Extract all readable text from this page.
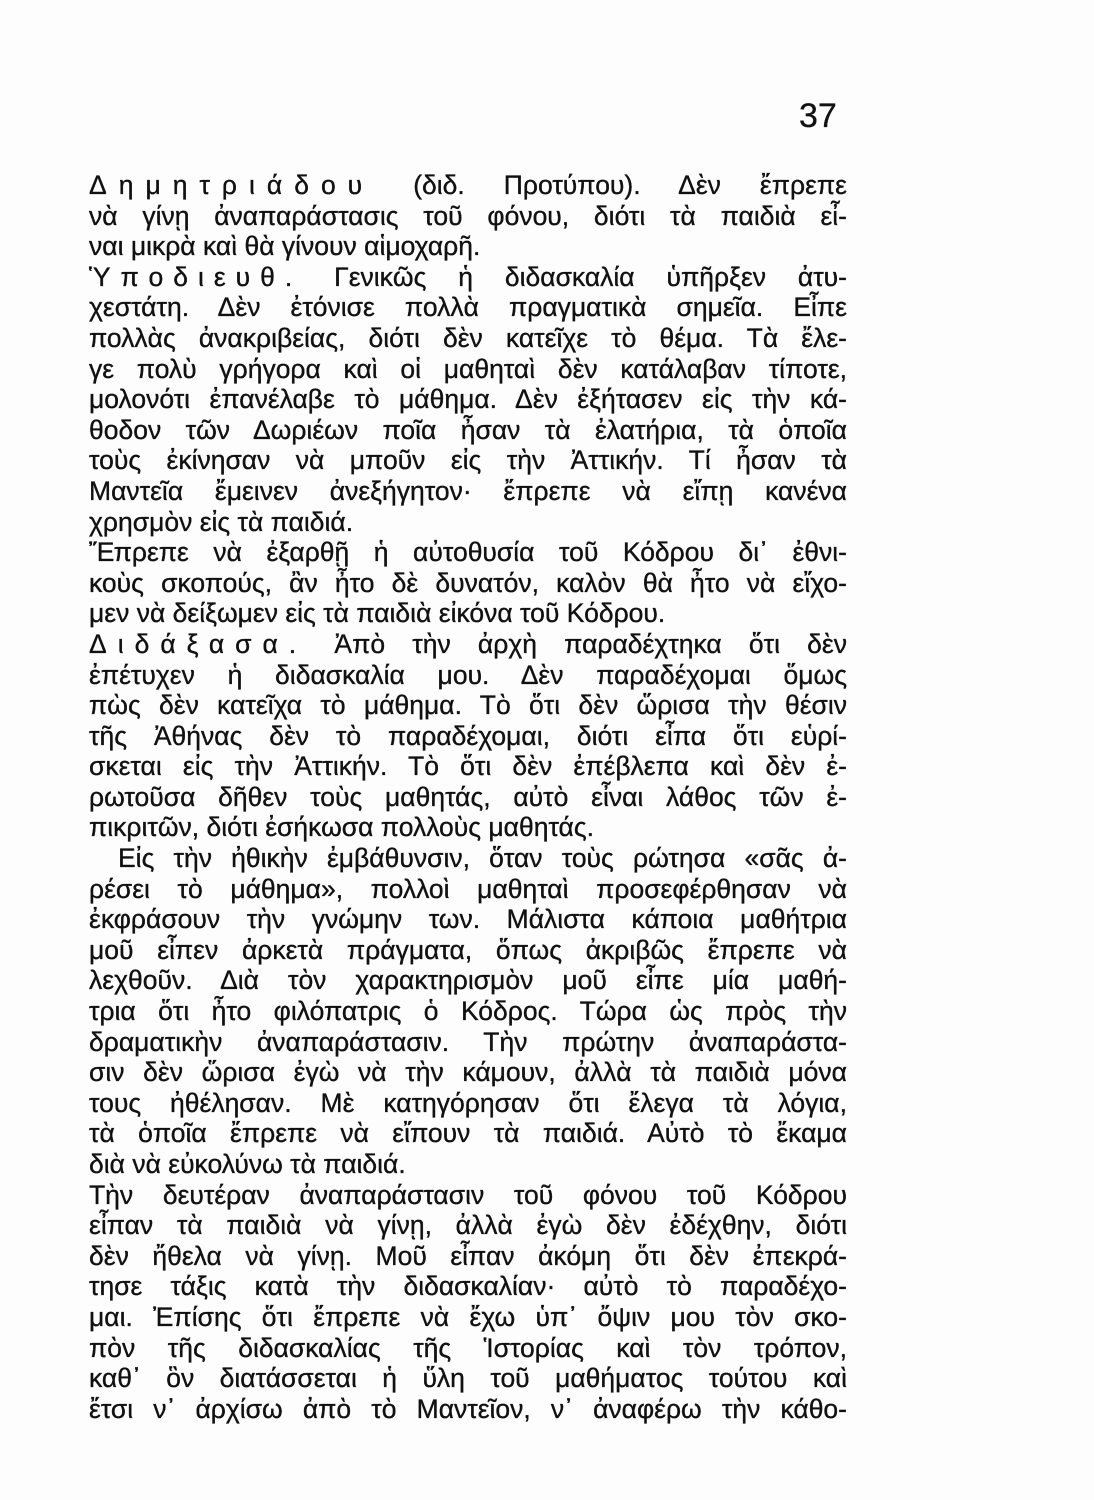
37
Δημητριάδου (διδ. Προτύπου). Δὲν ἔπρεπε
νὰ γίνῃ ἀναπαράστασις τοῦ φόνου, διότι τὰ παιδιὰ εἶ-
ναι μικρὰ καὶ θὰ γίνουν αἱμοχαρῆ.
Ὑποδιευθ. Γενικῶς ἡ διδασκαλία ὑπῆρξεν ἀτυ-
χεστάτη. Δὲν ἐτόνισε πολλὰ πραγματικὰ σημεῖα. Εἶπε
πολλὰς ἀνακριβείας, διότι δὲν κατεῖχε τὸ θέμα. Τὰ ἔλε-
γε πολὺ γρήγορα καὶ οἱ μαθηταὶ δὲν κατάλαβαν τίποτε,
μολονότι ἐπανέλαβε τὸ μάθημα. Δὲν ἐξήτασεν εἰς τὴν κά-
θοδον τῶν Δωριέων ποῖα ἦσαν τὰ ἐλατήρια, τὰ ὁποῖα
τοὺς ἐκίνησαν νὰ μποῦν εἰς τὴν Ἀττικήν. Τί ἦσαν τὰ
Μαντεῖα ἔμεινεν ἀνεξήγητον· ἔπρεπε νὰ εἴπῃ κανένα
χρησμὸν εἰς τὰ παιδιά.
Ἔπρεπε νὰ ἐξαρθῇ ἡ αὐτοθυσία τοῦ Κόδρου δι᾽ ἐθνι-
κοὺς σκοπούς, ἂν ἦτο δὲ δυνατόν, καλὸν θὰ ἦτο νὰ εἴχο-
μεν νὰ δείξωμεν εἰς τὰ παιδιὰ εἰκόνα τοῦ Κόδρου.
Διδάξασα. Ἀπὸ τὴν ἀρχὴ παραδέχτηκα ὅτι δὲν
ἐπέτυχεν ἡ διδασκαλία μου. Δὲν παραδέχομαι ὅμως
πὼς δὲν κατεῖχα τὸ μάθημα. Τὸ ὅτι δὲν ὥρισα τὴν θέσιν
τῆς Ἀθήνας δὲν τὸ παραδέχομαι, διότι εἶπα ὅτι εὑρί-
σκεται εἰς τὴν Ἀττικήν. Τὸ ὅτι δὲν ἐπέβλεπα καὶ δὲν ἐ-
ρωτοῦσα δῆθεν τοὺς μαθητάς, αὐτὸ εἶναι λάθος τῶν ἐ-
πικριτῶν, διότι ἐσήκωσα πολλοὺς μαθητάς.
Εἰς τὴν ἠθικὴν ἐμβάθυνσιν, ὅταν τοὺς ρώτησα «σᾶς ἀ-
ρέσει τὸ μάθημα», πολλοὶ μαθηταὶ προσεφέρθησαν νὰ
ἐκφράσουν τὴν γνώμην των. Μάλιστα κάποια μαθήτρια
μοῦ εἶπεν ἀρκετὰ πράγματα, ὅπως ἀκριβῶς ἔπρεπε νὰ
λεχθοῦν. Διὰ τὸν χαρακτηρισμὸν μοῦ εἶπε μία μαθή-
τρια ὅτι ἦτο φιλόπατρις ὁ Κόδρος. Τώρα ὡς πρὸς τὴν
δραματικὴν ἀναπαράστασιν. Τὴν πρώτην ἀναπαράστα-
σιν δὲν ὥρισα ἐγὼ νὰ τὴν κάμουν, ἀλλὰ τὰ παιδιὰ μόνα
τους ἠθέλησαν. Μὲ κατηγόρησαν ὅτι ἔλεγα τὰ λόγια,
τὰ ὁποῖα ἔπρεπε νὰ εἴπουν τὰ παιδιά. Αὐτὸ τὸ ἔκαμα
διὰ νὰ εὐκολύνω τὰ παιδιά.
Τὴν δευτέραν ἀναπαράστασιν τοῦ φόνου τοῦ Κόδρου
εἶπαν τὰ παιδιὰ νὰ γίνῃ, ἀλλὰ ἐγὼ δὲν ἐδέχθην, διότι
δὲν ἤθελα νὰ γίνῃ. Μοῦ εἶπαν ἀκόμη ὅτι δὲν ἐπεκρά-
τησε τάξις κατὰ τὴν διδασκαλίαν· αὐτὸ τὸ παραδέχο-
μαι. Ἐπίσης ὅτι ἔπρεπε νὰ ἔχω ὑπ᾽ ὄψιν μου τὸν σκο-
πὸν τῆς διδασκαλίας τῆς Ἱστορίας καὶ τὸν τρόπον,
καθ᾽ ὃν διατάσσεται ἡ ὕλη τοῦ μαθήματος τούτου καὶ
ἔτσι ν᾽ ἀρχίσω ἀπὸ τὸ Μαντεῖον, ν᾽ ἀναφέρω τὴν κάθο-
